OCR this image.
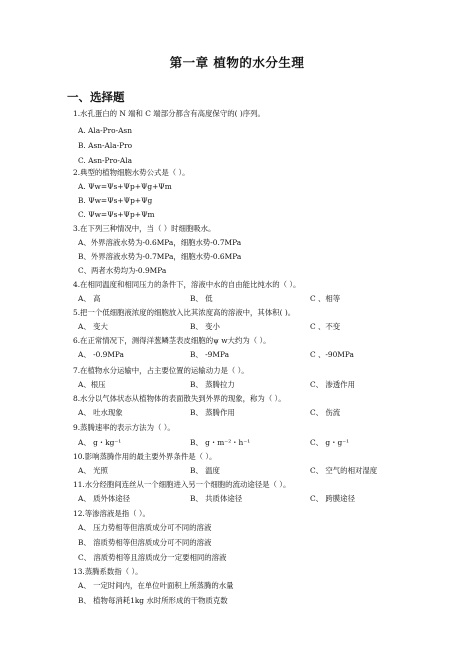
第一章 植物的水分生理
一、选择题
1.水孔蛋白的 N 端和 C 端部分都含有高度保守的( )序列。
A. Ala-Pro-Asn
B. Asn-Ala-Pro
C. Asn-Pro-Ala
2.典型的植物细胞水势公式是（ ）。
A. Ψw=Ψs+Ψp+Ψg+Ψm
B. Ψw=Ψs+Ψp+Ψg
C. Ψw=Ψs+Ψp+Ψm
3.在下列三种情况中，当（ ）时细胞吸水。
A、外界溶液水势为-0.6MPa，细胞水势-0.7MPa
B、外界溶液水势为-0.7MPa，细胞水势-0.6MPa
C、两者水势均为-0.9MPa
4.在相同温度和相同压力的条件下，溶液中水的自由能比纯水的（ ）。
A、 高	B、 低	C 、相等
5.把一个低细胞液浓度的细胞放入比其浓度高的溶液中，其体积( )。
A、 变大	B、 变小	C 、不变
6.在正常情况下，测得洋葱鳞茎表皮细胞的ψ w大约为（ ）。
A、 -0.9MPa	B、 -9MPa	C 、-90MPa
7.在植物水分运输中，占主要位置的运输动力是（ ）。
A、根压	B、 蒸腾拉力	C、 渗透作用
8.水分以气体状态从植物体的表面散失到外界的现象，称为（ ）。
A、 吐水现象	B、 蒸腾作用	C、 伤流
9.蒸腾速率的表示方法为（ ）。
A、 g・kg⁻¹	B、 g・m⁻²・h⁻¹	C、 g・g⁻¹
10.影响蒸腾作用的最主要外界条件是（ ）。
A、 光照	B、 温度	C、 空气的相对湿度
11.水分经胞间连丝从一个细胞进入另一个细胞的流动途径是（ ）。
A、 质外体途径	B、 共质体途径	C、 跨膜途径
12.等渗溶液是指（ ）。
A、 压力势相等但溶质成分可不同的溶液
B、 溶质势相等但溶质成分可不同的溶液
C、 溶质势相等且溶质成分一定要相同的溶液
13.蒸腾系数指（ ）。
A、 一定时间内，在单位叶面积上所蒸腾的水量
B、 植物每消耗1kg 水时所形成的干物质克数
